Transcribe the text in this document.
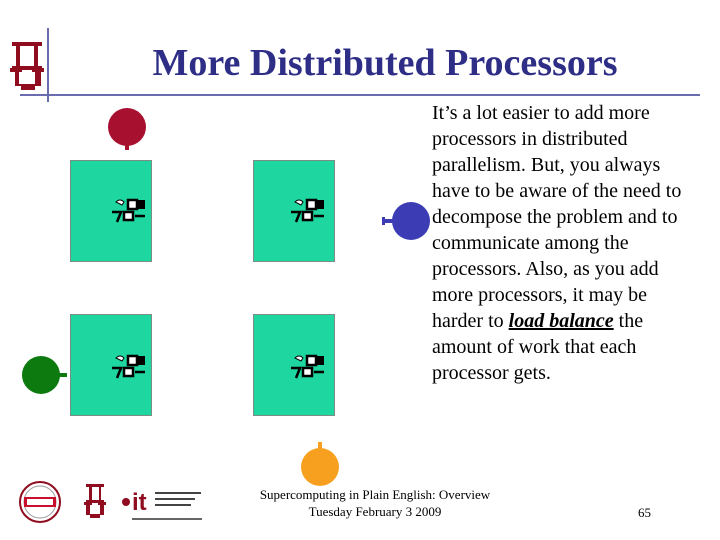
More Distributed Processors
It’s a lot easier to add more processors in distributed parallelism. But, you always have to be aware of the need to decompose the problem and to communicate among the processors. Also, as you add more processors, it may be harder to load balance the amount of work that each processor gets.
it	Supercomputing in Plain English: Overview
Tuesday February 3 2009	65
